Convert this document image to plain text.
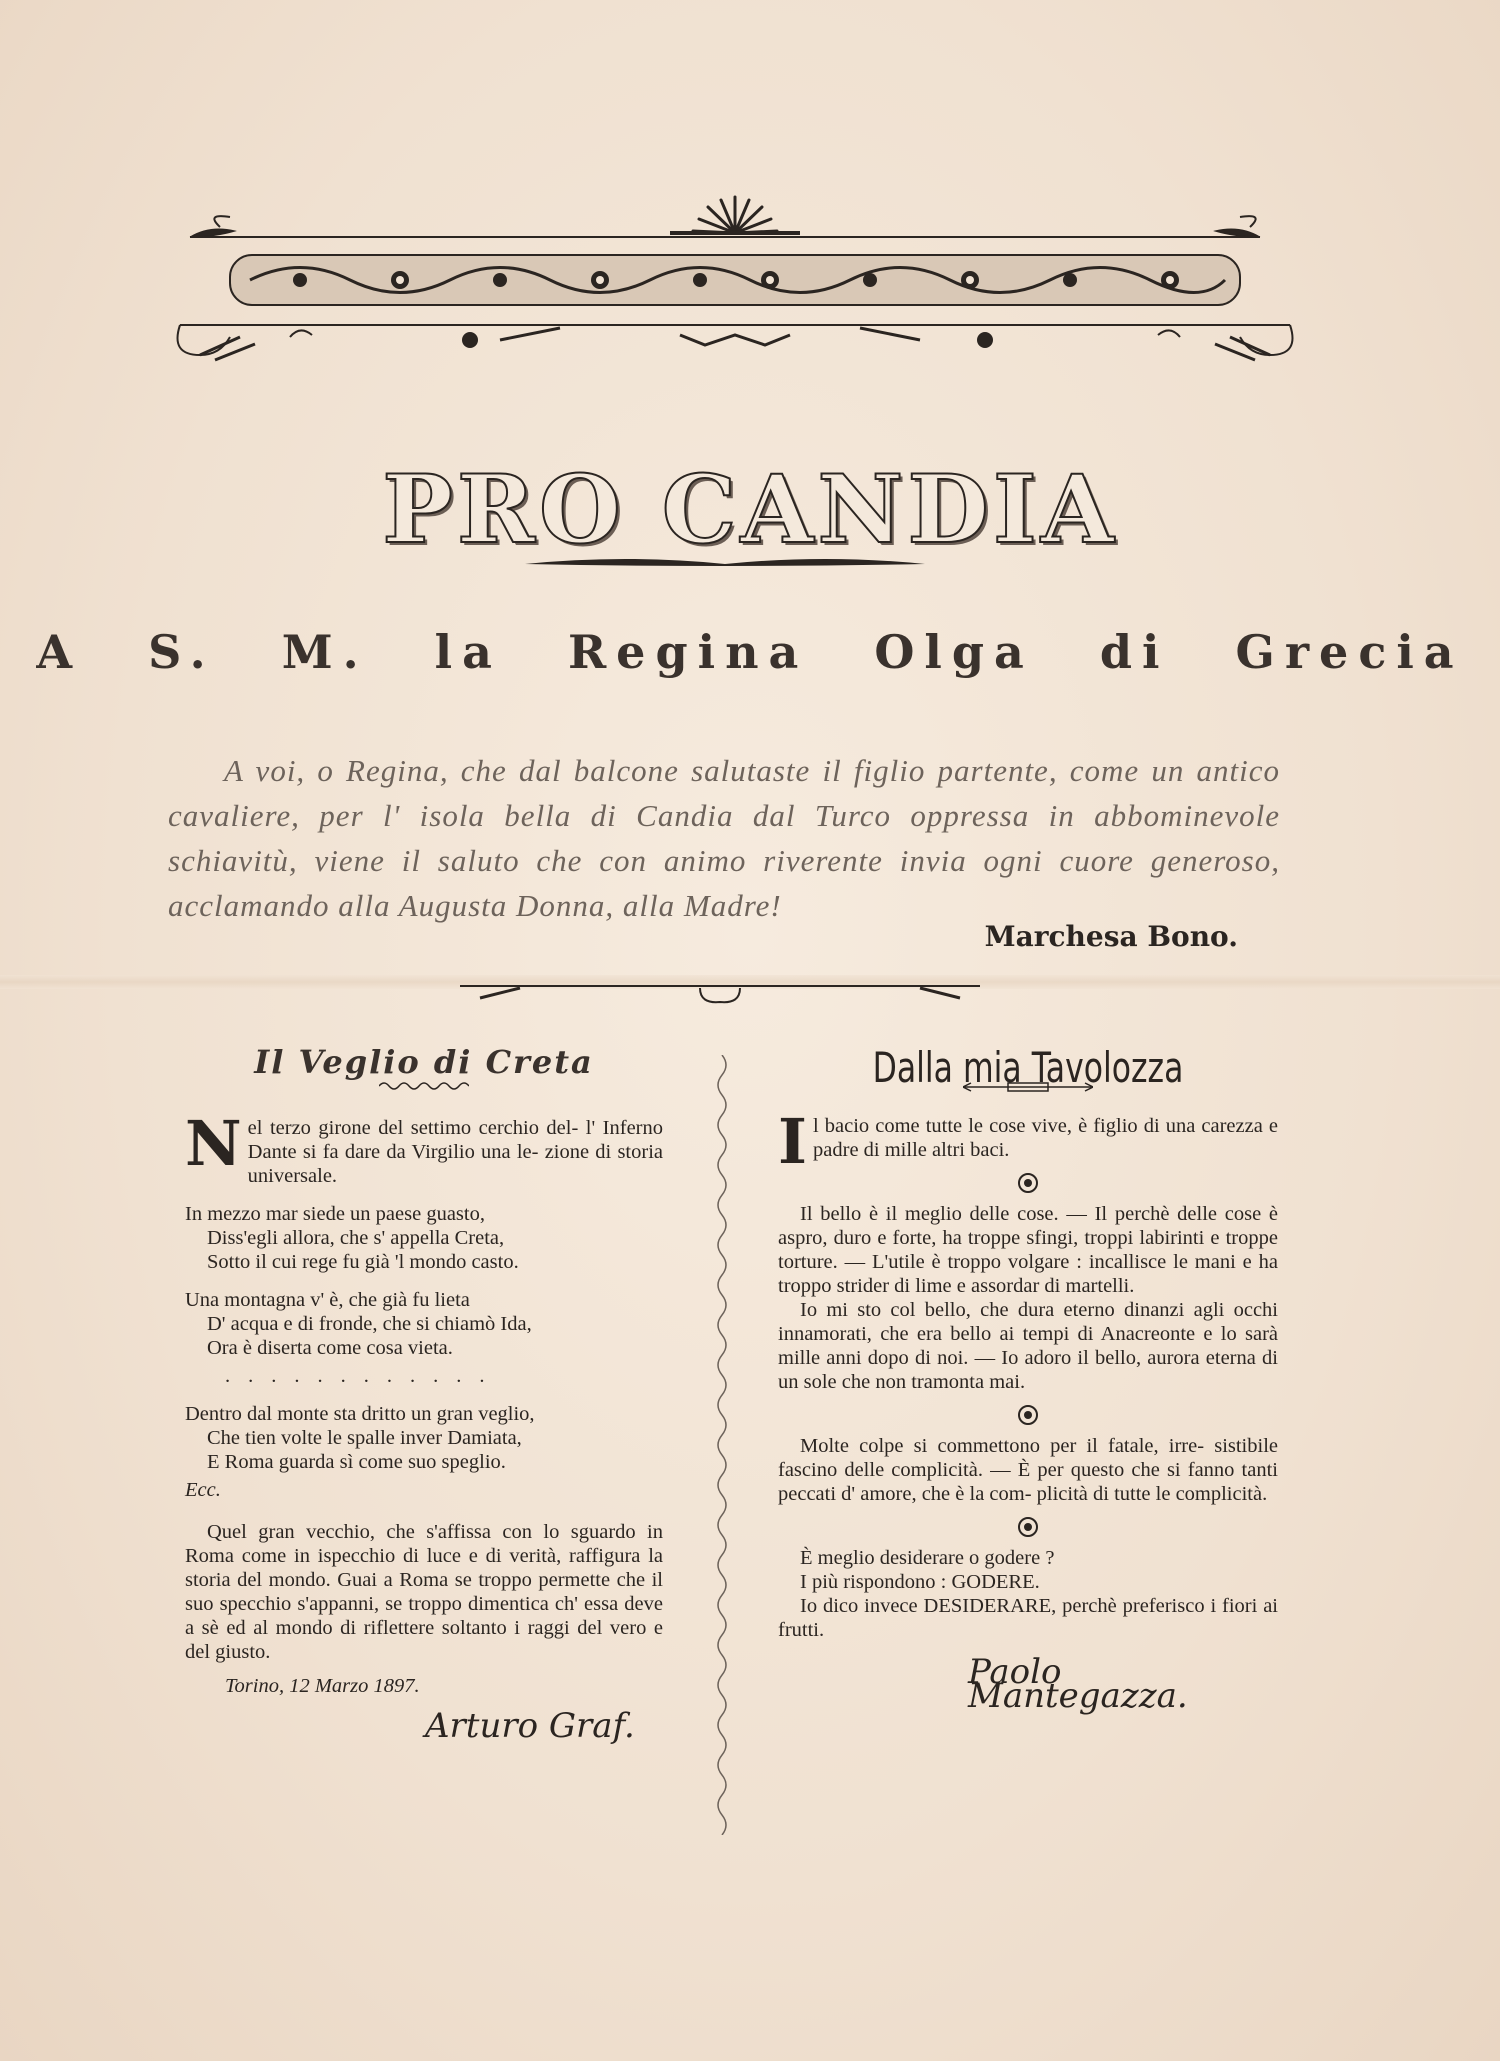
PRO CANDIA
A S. M. la Regina Olga di Grecia
A voi, o Regina, che dal balcone salutaste il figlio partente, come un antico cavaliere, per l' isola bella di Candia dal Turco oppressa in abbominevole schiavitù, viene il saluto che con animo riverente invia ogni cuore generoso, acclamando alla Augusta Donna, alla Madre!
Marchesa Bono.
Il Veglio di Creta

Nel terzo girone del settimo cerchio del- l' Inferno Dante si fa dare da Virgilio una le- zione di storia universale.

In mezzo mar siede un paese guasto,
Diss'egli allora, che s' appella Creta,
Sotto il cui rege fu già 'l mondo casto.
Una montagna v' è, che già fu lieta
D' acqua e di fronde, che si chiamò Ida,
Ora è diserta come cosa vieta.
............
Dentro dal monte sta dritto un gran veglio,
Che tien volte le spalle inver Damiata,
E Roma guarda sì come suo speglio.
Ecc.

Quel gran vecchio, che s'affissa con lo sguardo in Roma come in ispecchio di luce e di verità, raffigura la storia del mondo. Guai a Roma se troppo permette che il suo specchio s'appanni, se troppo dimentica ch' essa deve a sè ed al mondo di riflettere soltanto i raggi del vero e del giusto.

Torino, 12 Marzo 1897.
Arturo Graf.
Dalla mia Tavolozza

Il bacio come tutte le cose vive, è figlio di una carezza e padre di mille altri baci.

Il bello è il meglio delle cose. — Il perchè delle cose è aspro, duro e forte, ha troppe sfingi, troppi labirinti e troppe torture. — L'utile è troppo volgare : incallisce le mani e ha troppo strider di lime e assordar di martelli.

Io mi sto col bello, che dura eterno dinanzi agli occhi innamorati, che era bello ai tempi di Anacreonte e lo sarà mille anni dopo di noi. — Io adoro il bello, aurora eterna di un sole che non tramonta mai.

Molte colpe si commettono per il fatale, irre- sistibile fascino delle complicità. — È per questo che si fanno tanti peccati d' amore, che è la com- plicità di tutte le complicità.

È meglio desiderare o godere ?

I più rispondono : GODERE.

Io dico invece DESIDERARE, perchè preferisco i fiori ai frutti.

Paolo Mantegazza.
